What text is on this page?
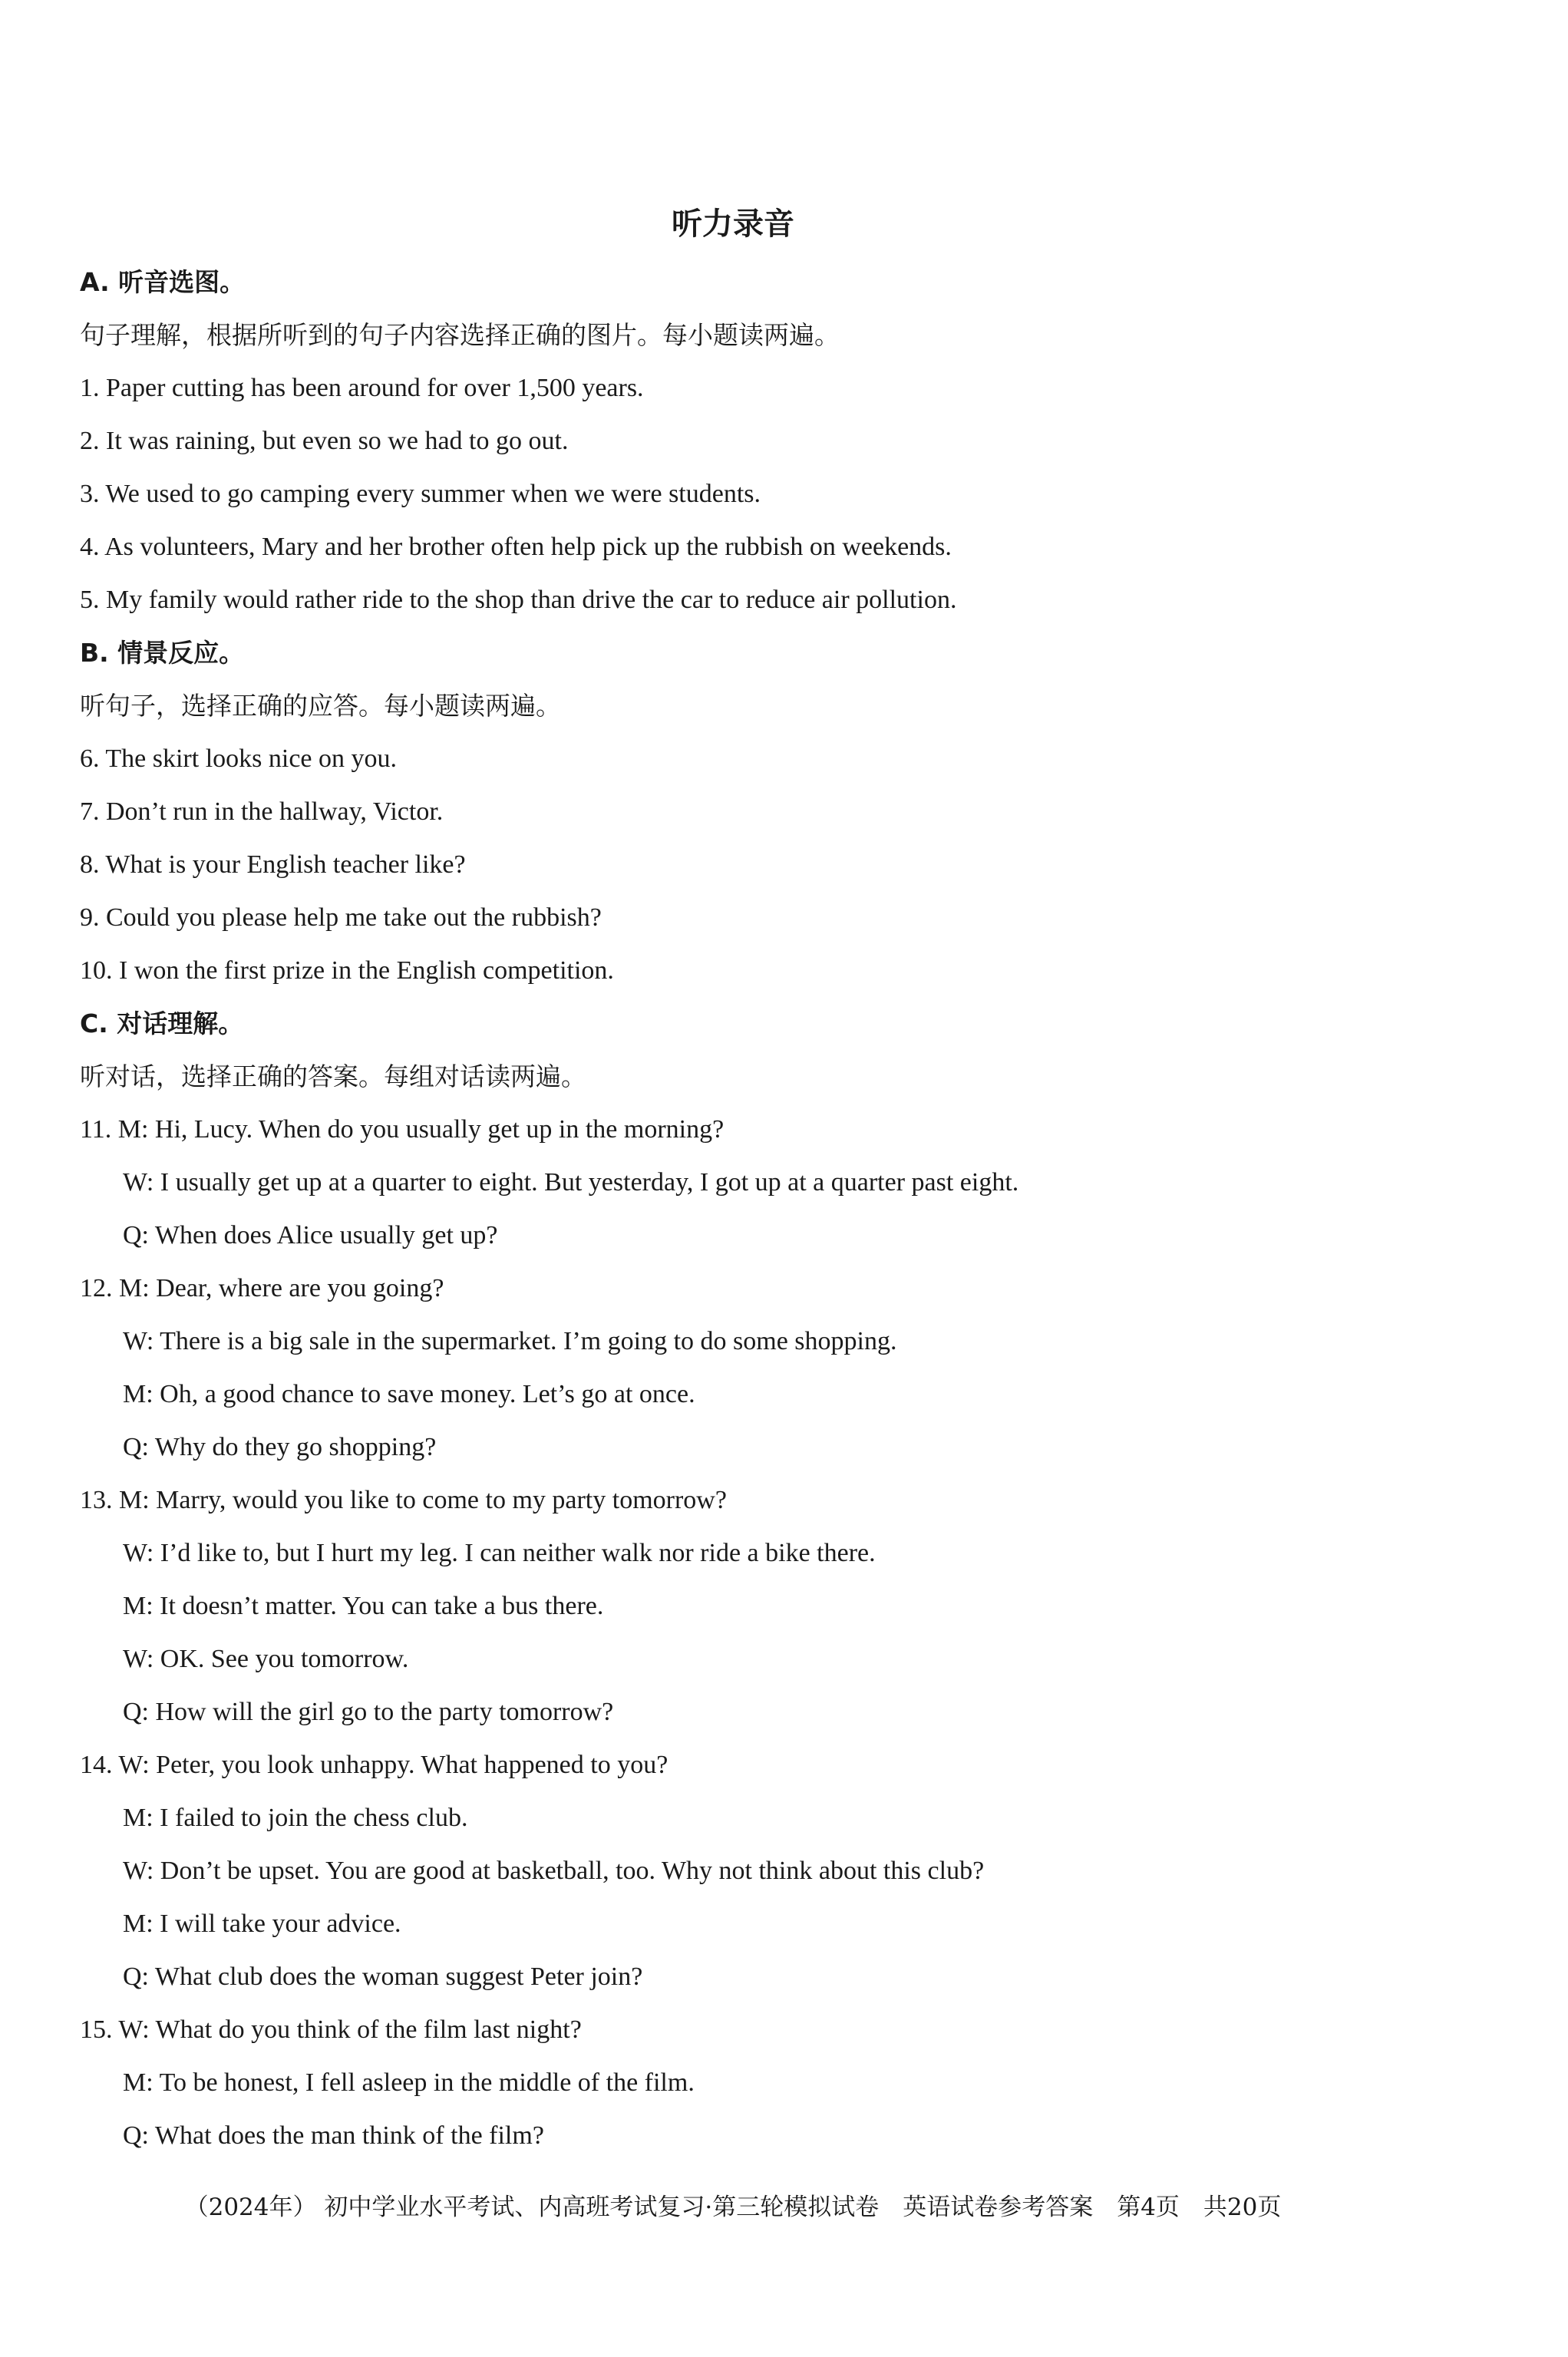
听力录音
A. 听音选图。
句子理解，根据所听到的句子内容选择正确的图片。每小题读两遍。
1. Paper cutting has been around for over 1,500 years.
2. It was raining, but even so we had to go out.
3. We used to go camping every summer when we were students.
4. As volunteers, Mary and her brother often help pick up the rubbish on weekends.
5. My family would rather ride to the shop than drive the car to reduce air pollution.
B. 情景反应。
听句子，选择正确的应答。每小题读两遍。
6. The skirt looks nice on you.
7. Don’t run in the hallway, Victor.
8. What is your English teacher like?
9. Could you please help me take out the rubbish?
10. I won the first prize in the English competition.
C. 对话理解。
听对话，选择正确的答案。每组对话读两遍。
11. M: Hi, Lucy. When do you usually get up in the morning?
W: I usually get up at a quarter to eight. But yesterday, I got up at a quarter past eight.
Q: When does Alice usually get up?
12. M: Dear, where are you going?
W: There is a big sale in the supermarket. I’m going to do some shopping.
M: Oh, a good chance to save money. Let’s go at once.
Q: Why do they go shopping?
13. M: Marry, would you like to come to my party tomorrow?
W: I’d like to, but I hurt my leg. I can neither walk nor ride a bike there.
M: It doesn’t matter. You can take a bus there.
W: OK. See you tomorrow.
Q: How will the girl go to the party tomorrow?
14. W: Peter, you look unhappy. What happened to you?
M: I failed to join the chess club.
W: Don’t be upset. You are good at basketball, too. Why not think about this club?
M: I will take your advice.
Q: What club does the woman suggest Peter join?
15. W: What do you think of the film last night?
M: To be honest, I fell asleep in the middle of the film.
Q: What does the man think of the film?
（2024年） 初中学业水平考试、内高班考试复习·第三轮模拟试卷　英语试卷参考答案　第4页　共20页
